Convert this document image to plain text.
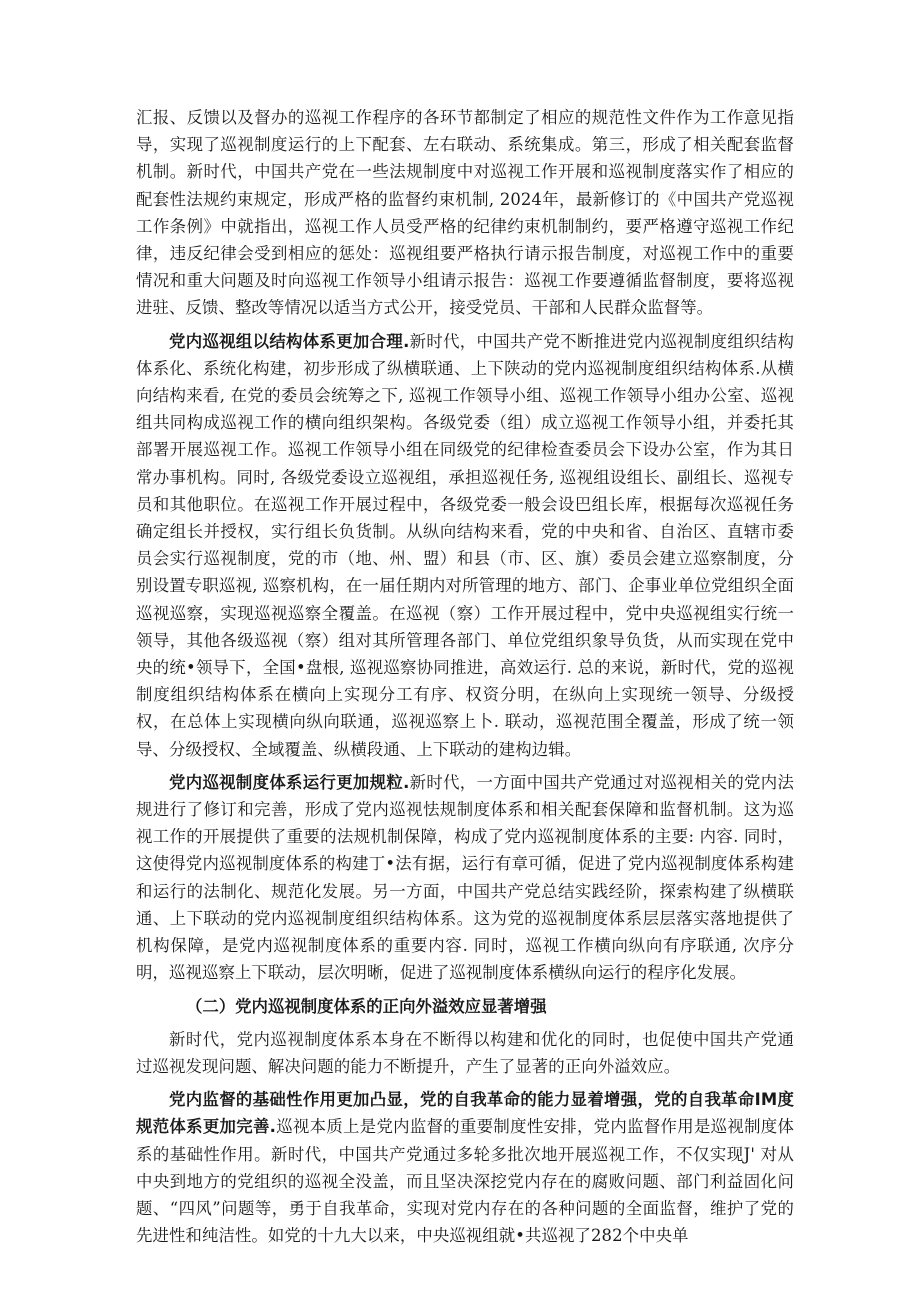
汇报、反馈以及督办的巡视工作程序的各环节都制定了相应的规范性文件作为工作意见指导，实现了巡视制度运行的上下配套、左右联动、系统集成。第三，形成了相关配套监督机制。新时代，中国共产党在一些法规制度中对巡视工作开展和巡视制度落实作了相应的配套性法规约束规定，形成严格的监督约束机制, 2024年，最新修订的《中国共产党巡视工作条例》中就指出，巡视工作人员受严格的纪律约束机制制约，要严格遵守巡视工作纪律，违反纪律会受到相应的惩处：巡视组要严格执行请示报告制度，对巡视工作中的重要情况和重大问题及时向巡视工作领导小组请示报告：巡视工作要遵循监督制度，要将巡视进驻、反馈、整改等情况以适当方式公开，接受党员、干部和人民群众监督等。

党内巡视组以结构体系更加合理.新时代，中国共产党不断推进党内巡视制度组织结构体系化、系统化构建，初步形成了纵横联通、上下陕动的党内巡视制度组织结构体系.从横向结构来看, 在党的委员会统筹之下, 巡视工作领导小组、巡视工作领导小组办公室、巡视组共同构成巡视工作的横向组织架构。各级党委（组）成立巡视工作领导小组，并委托其部署开展巡视工作。巡视工作领导小组在同级党的纪律检查委员会下设办公室，作为其日常办事机构。同时, 各级党委设立巡视组，承担巡视任务, 巡视组设组长、副组长、巡视专员和其他职位。在巡视工作开展过程中，各级党委一般会设巴组长库，根据每次巡视任务确定组长并授权，实行组长负货制。从纵向结构来看，党的中央和省、自治区、直辖市委员会实行巡视制度，党的市（地、州、盟）和县（市、区、旗）委员会建立巡察制度，分别设置专职巡视, 巡察机构，在一届任期内对所管理的地方、部门、企事业单位党组织全面巡视巡察，实现巡视巡察全覆盖。在巡视（察）工作开展过程中，党中央巡视组实行统一领导，其他各级巡视（察）组对其所管理各部门、单位党组织象导负货，从而实现在党中央的统•领导下，全国•盘根, 巡视巡察协同推进，高效运行. 总的来说，新时代，党的巡视制度组织结构体系在横向上实现分工有序、权资分明，在纵向上实现统一领导、分级授权，在总体上实现横向纵向联通，巡视巡察上卜. 联动，巡视范围全覆盖，形成了统一领导、分级授权、全域覆盖、纵横段通、上下联动的建构边辑。

党内巡视制度体系运行更加规粒.新时代，一方面中国共产党通过对巡视相关的党内法规进行了修订和完善，形成了党内巡视怯规制度体系和相关配套保障和监督机制。这为巡视工作的开展提供了重要的法规机制保障，构成了党内巡视制度体系的主要: 内容. 同时，这使得党内巡视制度体系的构建丁•法有据，运行有章可循，促进了党内巡视制度体系构建和运行的法制化、规范化发展。另一方面，中国共产党总结实践经阶，探索构建了纵横联通、上下联动的党内巡视制度组织结构体系。这为党的巡视制度体系层层落实落地提供了机构保障，是党内巡视制度体系的重要内容. 同时，巡视工作横向纵向有序联通, 次序分明，巡视巡察上下联动，层次明晰，促进了巡视制度体系横纵向运行的程序化发展。

（二）党内巡视制度体系的正向外溢效应显著增强

新时代，党内巡视制度体系本身在不断得以构建和优化的同时，也促使中国共产党通过巡视发现问题、解决问题的能力不断提升，产生了显著的正向外溢效应。

党内监督的基础性作用更加凸显，党的自我革命的能力显着增强，党的自我革命IM度规范体系更加完善.巡视本质上是党内监督的重要制度性安排，党内监督作用是巡视制度体系的基础性作用。新时代，中国共产党通过多轮多批次地开展巡视工作，不仅实现J' 对从中央到地方的党组织的巡视全没盖，而且坚决深挖党内存在的腐败问题、部门利益固化问题、“四风”问题等，勇于自我革命，实现对党内存在的各种问题的全面监督，维护了党的先进性和纯洁性。如党的十九大以来，中央巡视组就•共巡视了282个中央单
